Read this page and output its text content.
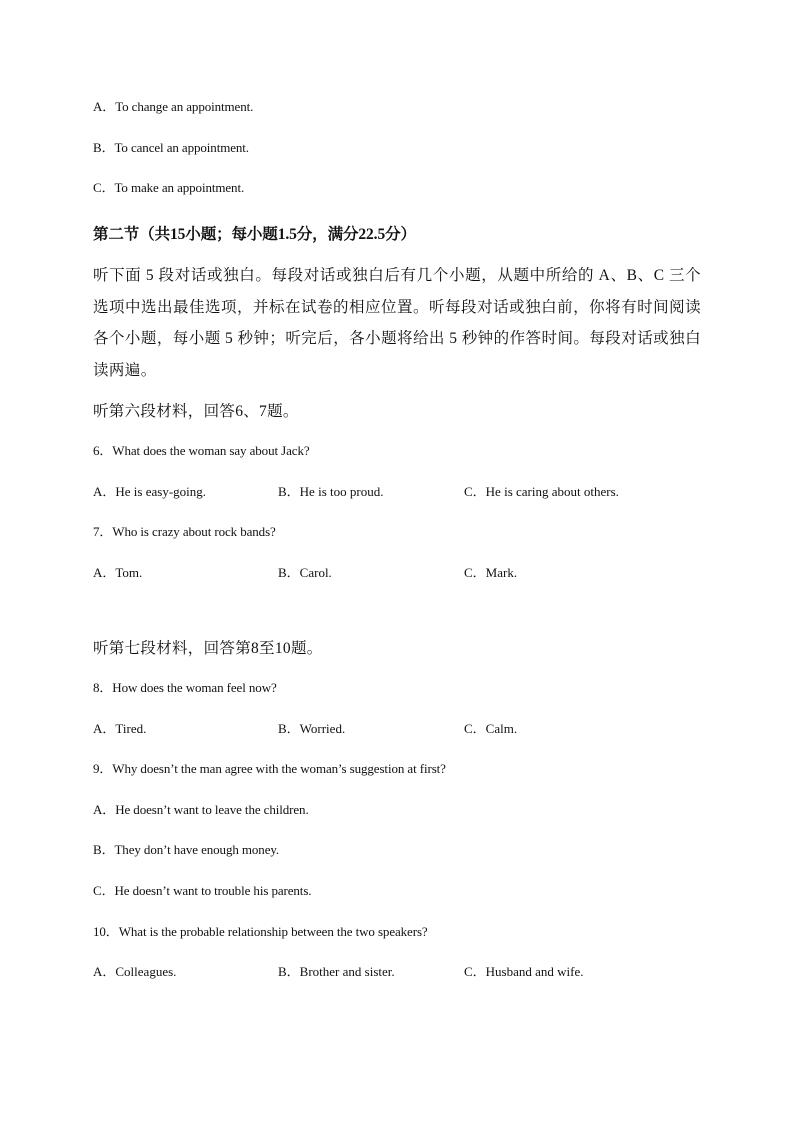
A．To change an appointment.
B．To cancel an appointment.
C．To make an appointment.
第二节（共15小题；每小题1.5分，满分22.5分）
听下面 5 段对话或独白。每段对话或独白后有几个小题，从题中所给的 A、B、C 三个选项中选出最佳选项，并标在试卷的相应位置。听每段对话或独白前，你将有时间阅读各个小题，每小题 5 秒钟；听完后，各小题将给出 5 秒钟的作答时间。每段对话或独白读两遍。
听第六段材料，回答6、7题。
6．What does the woman say about Jack?
A．He is easy-going.	B．He is too proud.	C．He is caring about others.
7．Who is crazy about rock bands?
A．Tom.	B．Carol.	C．Mark.
听第七段材料，回答第8至10题。
8．How does the woman feel now?
A．Tired.	B．Worried.	C．Calm.
9．Why doesn’t the man agree with the woman’s suggestion at first?
A．He doesn’t want to leave the children.
B．They don’t have enough money.
C．He doesn’t want to trouble his parents.
10．What is the probable relationship between the two speakers?
A．Colleagues.	B．Brother and sister.	C．Husband and wife.
